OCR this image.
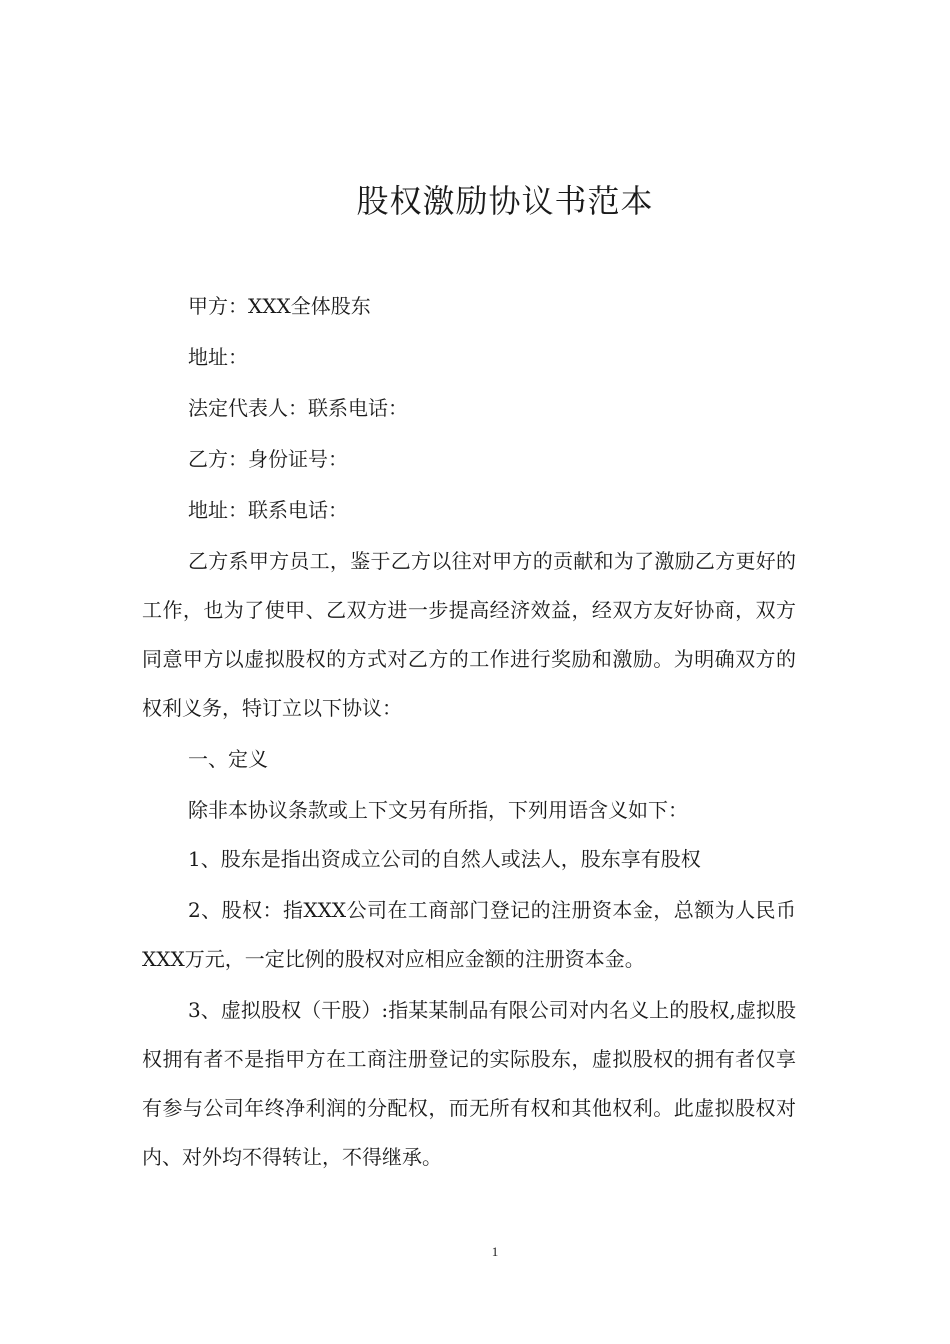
股权激励协议书范本

甲方：XXX全体股东

地址：

法定代表人：联系电话：

乙方：身份证号：

地址：联系电话：

乙方系甲方员工，鉴于乙方以往对甲方的贡献和为了激励乙方更好的工作，也为了使甲、乙双方进一步提高经济效益，经双方友好协商，双方同意甲方以虚拟股权的方式对乙方的工作进行奖励和激励。为明确双方的权利义务，特订立以下协议：

一、定义

除非本协议条款或上下文另有所指，下列用语含义如下：

1、股东是指出资成立公司的自然人或法人，股东享有股权

2、股权：指XXX公司在工商部门登记的注册资本金，总额为人民币XXX万元，一定比例的股权对应相应金额的注册资本金。

3、虚拟股权（干股）:指某某制品有限公司对内名义上的股权,虚拟股权拥有者不是指甲方在工商注册登记的实际股东，虚拟股权的拥有者仅享有参与公司年终净利润的分配权，而无所有权和其他权利。此虚拟股权对内、对外均不得转让，不得继承。

1
